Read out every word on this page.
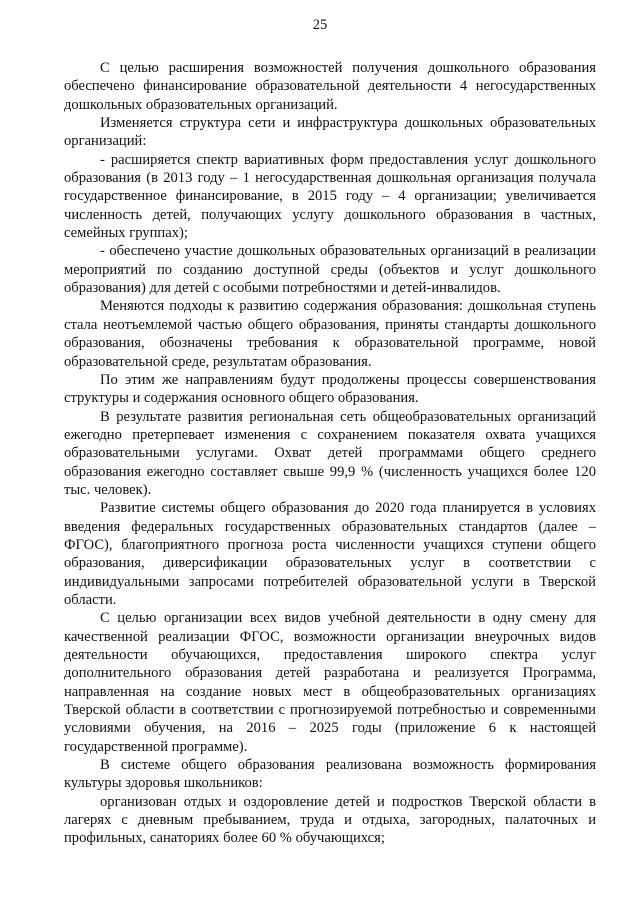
25

С целью расширения возможностей получения дошкольного образования обеспечено финансирование образовательной деятельности 4 негосударственных дошкольных образовательных организаций.

Изменяется структура сети и инфраструктура дошкольных образовательных организаций:

- расширяется спектр вариативных форм предоставления услуг дошкольного образования (в 2013 году – 1 негосударственная дошкольная организация получала государственное финансирование, в 2015 году – 4 организации; увеличивается численность детей, получающих услугу дошкольного образования в частных, семейных группах);

- обеспечено участие дошкольных образовательных организаций в реализации мероприятий по созданию доступной среды (объектов и услуг дошкольного образования) для детей с особыми потребностями и детей-инвалидов.

Меняются подходы к развитию содержания образования: дошкольная ступень стала неотъемлемой частью общего образования, приняты стандарты дошкольного образования, обозначены требования к образовательной программе, новой образовательной среде, результатам образования.

По этим же направлениям будут продолжены процессы совершенствования структуры и содержания основного общего образования.

В результате развития региональная сеть общеобразовательных организаций ежегодно претерпевает изменения с сохранением показателя охвата учащихся образовательными услугами. Охват детей программами общего среднего образования ежегодно составляет свыше 99,9 % (численность учащихся более 120 тыс. человек).

Развитие системы общего образования до 2020 года планируется в условиях введения федеральных государственных образовательных стандартов (далее – ФГОС), благоприятного прогноза роста численности учащихся ступени общего образования, диверсификации образовательных услуг в соответствии с индивидуальными запросами потребителей образовательной услуги в Тверской области.

С целью организации всех видов учебной деятельности в одну смену для качественной реализации ФГОС, возможности организации внеурочных видов деятельности обучающихся, предоставления широкого спектра услуг дополнительного образования детей разработана и реализуется Программа, направленная на создание новых мест в общеобразовательных организациях Тверской области в соответствии с прогнозируемой потребностью и современными условиями обучения, на 2016 – 2025 годы (приложение 6 к настоящей государственной программе).

В системе общего образования реализована возможность формирования культуры здоровья школьников:

организован отдых и оздоровление детей и подростков Тверской области в лагерях с дневным пребыванием, труда и отдыха, загородных, палаточных и профильных, санаториях более 60 % обучающихся;
